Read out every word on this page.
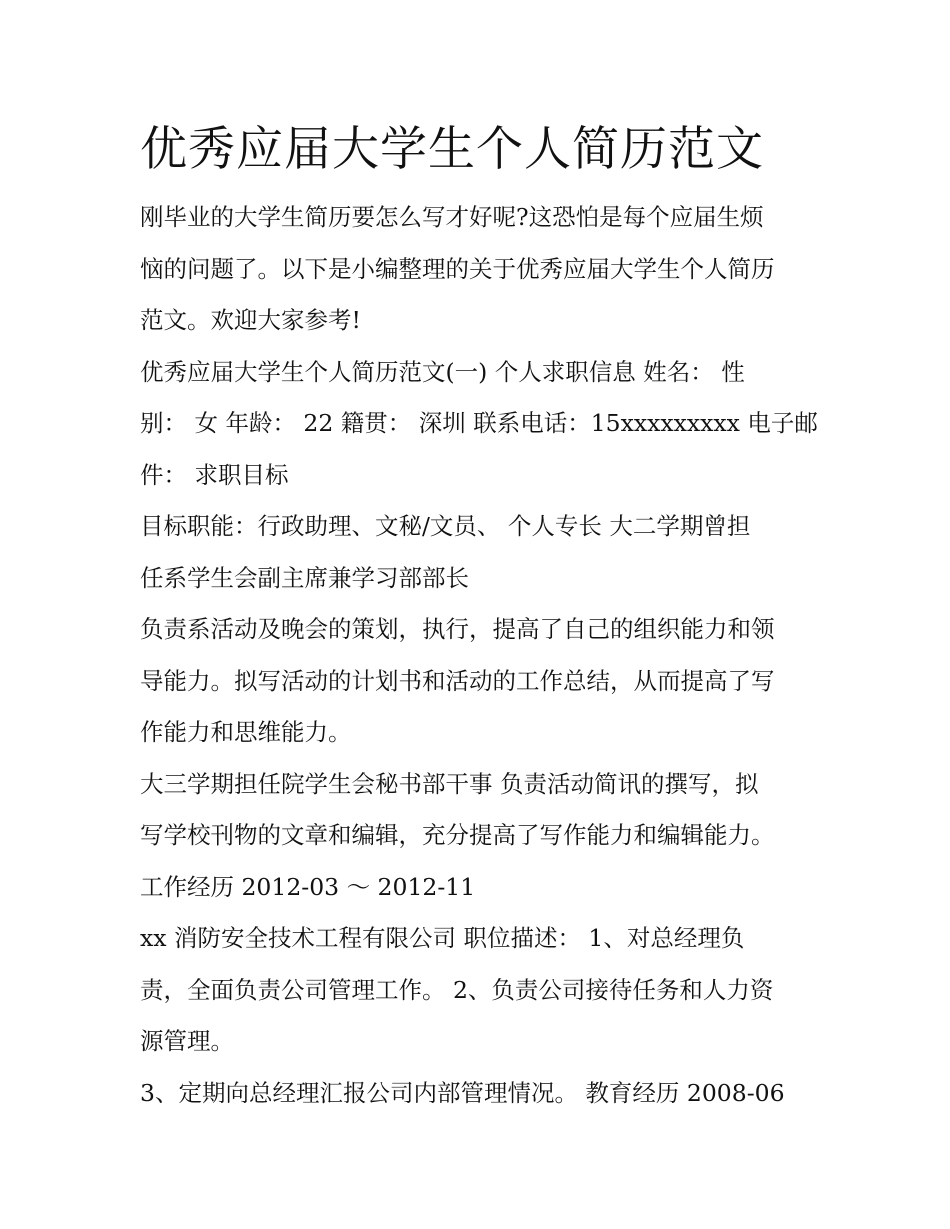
优秀应届大学生个人简历范文

刚毕业的大学生简历要怎么写才好呢?这恐怕是每个应届生烦
恼的问题了。以下是小编整理的关于优秀应届大学生个人简历
范文。欢迎大家参考!

优秀应届大学生个人简历范文(一) 个人求职信息 姓名： 性
别： 女 年龄： 22 籍贯： 深圳 联系电话：15xxxxxxxxx 电子邮
件： 求职目标

目标职能：行政助理、文秘/文员、 个人专长 大二学期曾担
任系学生会副主席兼学习部部长

负责系活动及晚会的策划，执行，提高了自己的组织能力和领
导能力。拟写活动的计划书和活动的工作总结，从而提高了写
作能力和思维能力。

大三学期担任院学生会秘书部干事 负责活动简讯的撰写，拟
写学校刊物的文章和编辑，充分提高了写作能力和编辑能力。

工作经历 2012-03 ～ 2012-11

xx 消防安全技术工程有限公司 职位描述： 1、对总经理负
责，全面负责公司管理工作。 2、负责公司接待任务和人力资
源管理。

3、定期向总经理汇报公司内部管理情况。 教育经历 2008-06
